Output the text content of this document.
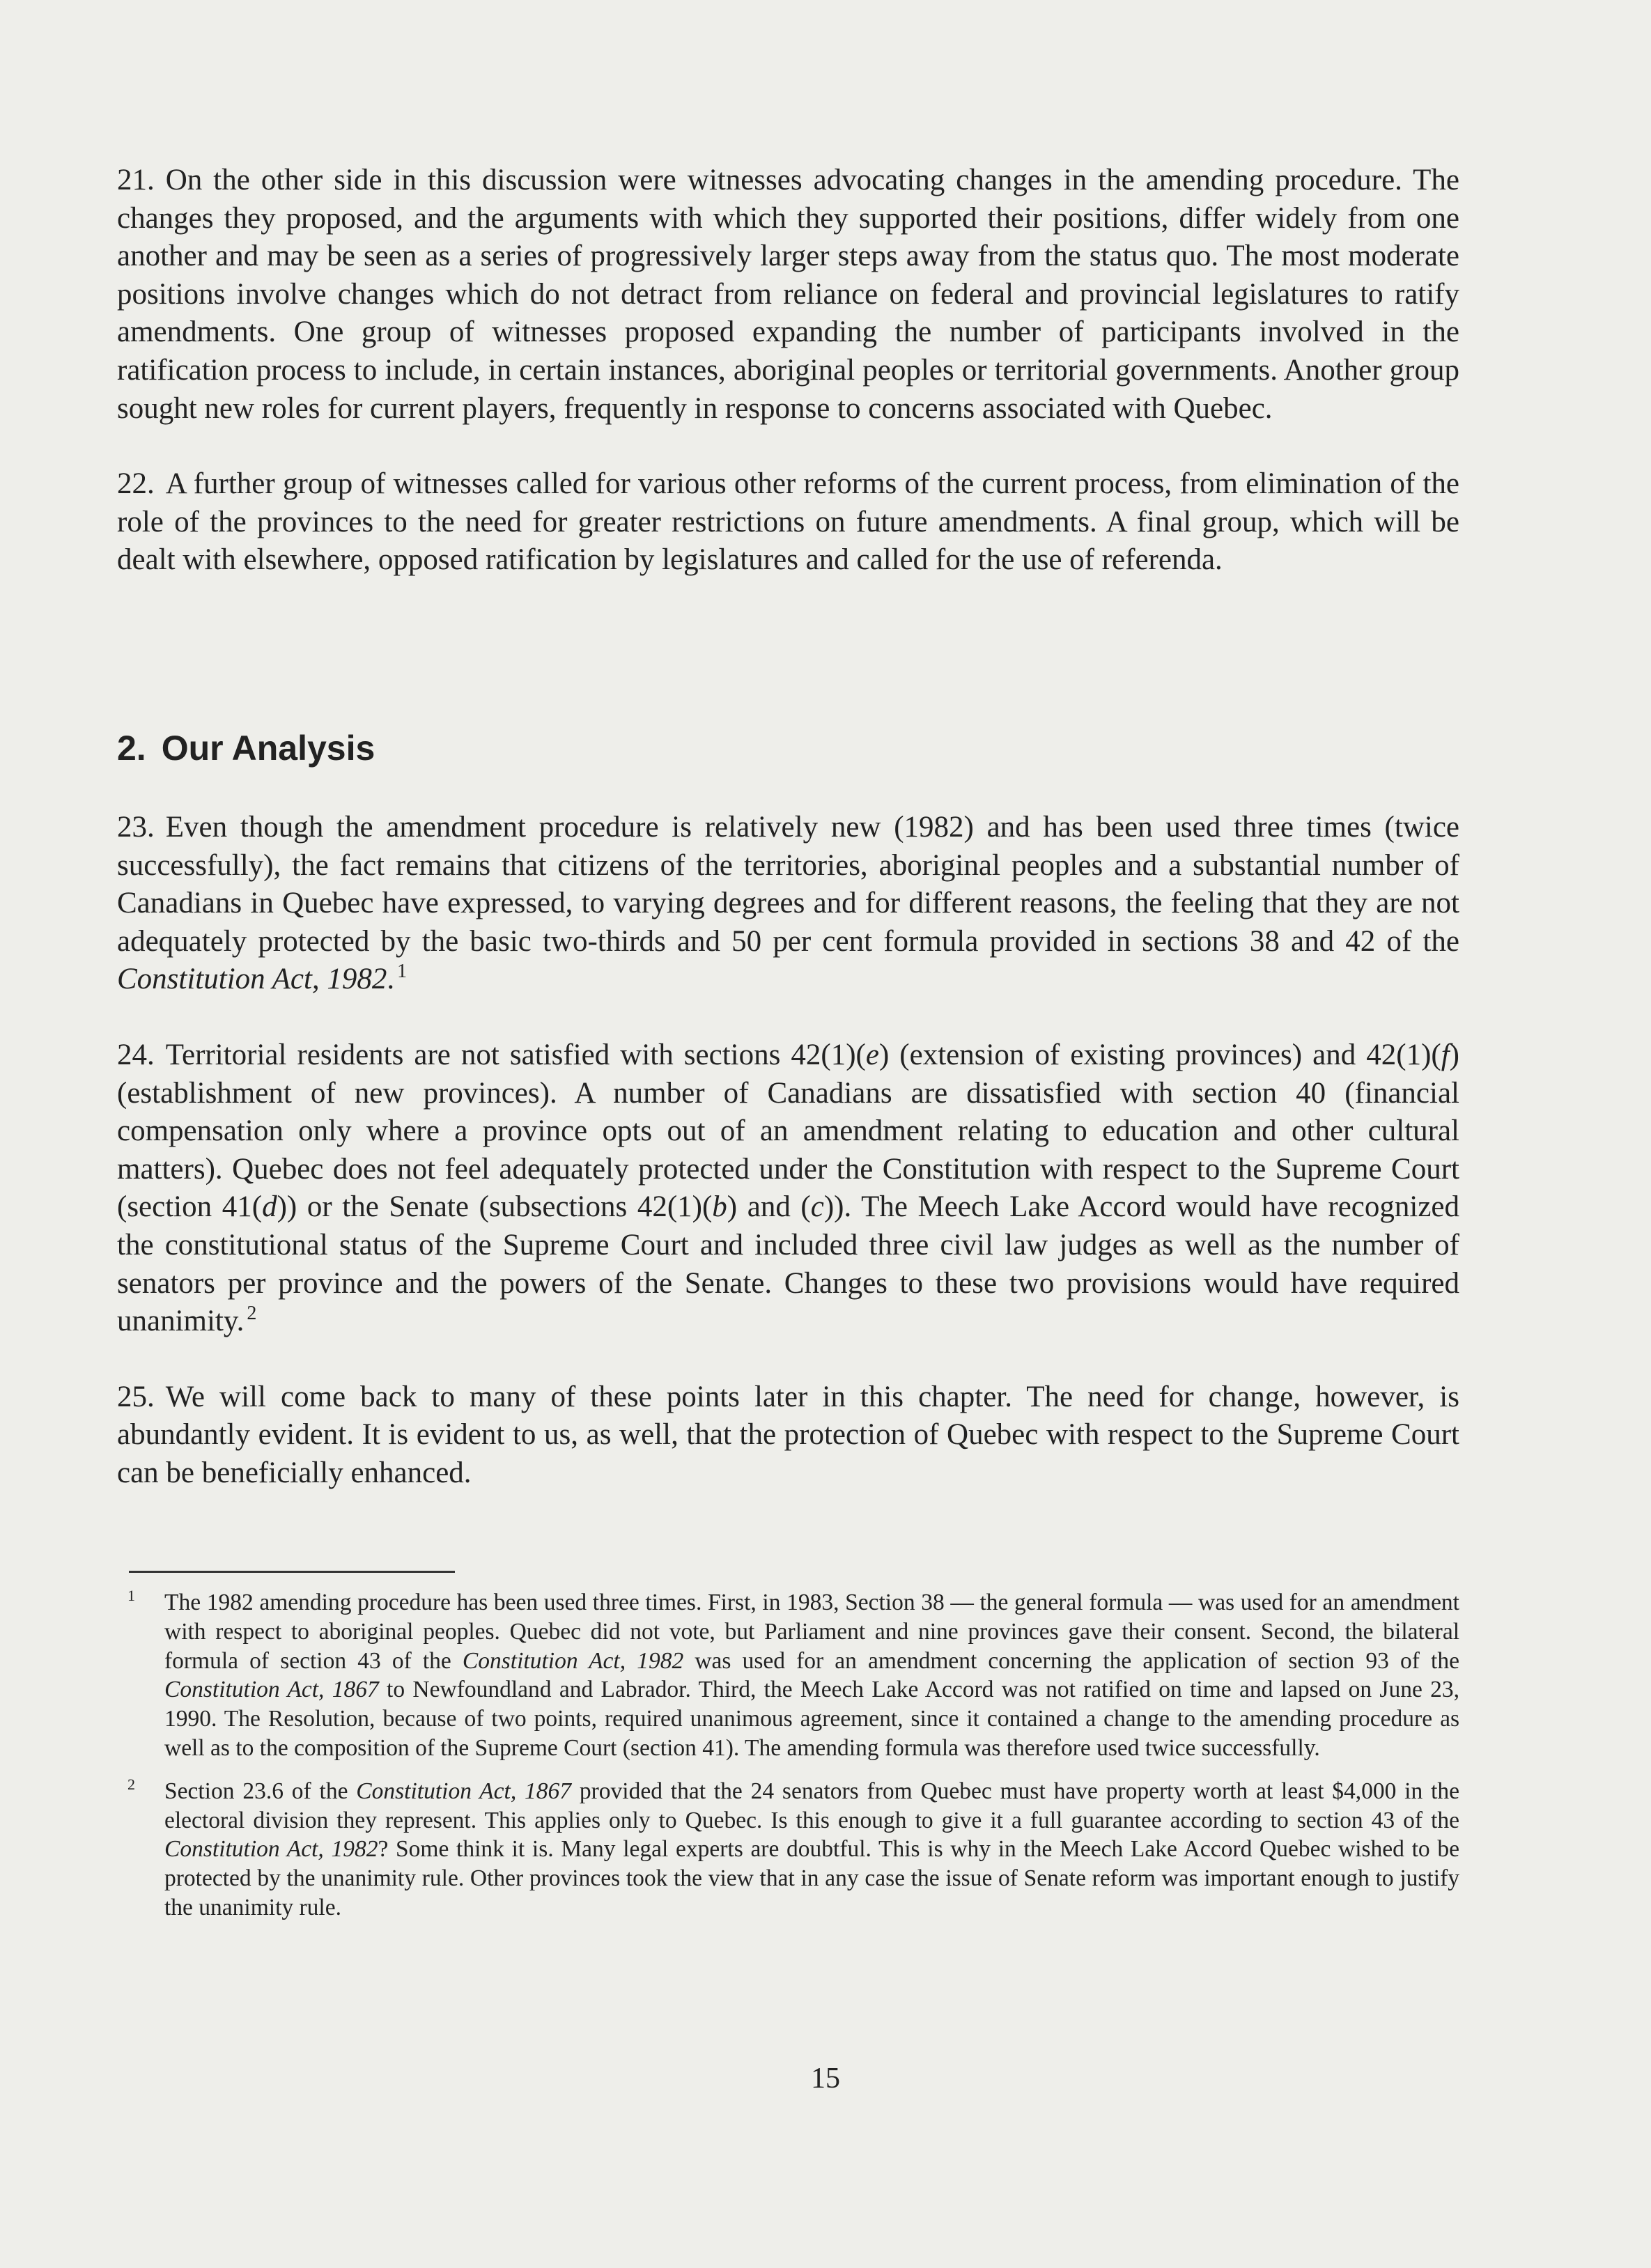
21. On the other side in this discussion were witnesses advocating changes in the amending procedure. The changes they proposed, and the arguments with which they supported their positions, differ widely from one another and may be seen as a series of progressively larger steps away from the status quo. The most moderate positions involve changes which do not detract from reliance on federal and provincial legislatures to ratify amendments. One group of witnesses proposed expanding the number of participants involved in the ratification process to include, in certain instances, aboriginal peoples or territorial governments. Another group sought new roles for current players, frequently in response to concerns associated with Quebec.

22. A further group of witnesses called for various other reforms of the current process, from elimination of the role of the provinces to the need for greater restrictions on future amendments. A final group, which will be dealt with elsewhere, opposed ratification by legislatures and called for the use of referenda.

2. Our Analysis

23. Even though the amendment procedure is relatively new (1982) and has been used three times (twice successfully), the fact remains that citizens of the territories, aboriginal peoples and a substantial number of Canadians in Quebec have expressed, to varying degrees and for different reasons, the feeling that they are not adequately protected by the basic two-thirds and 50 per cent formula provided in sections 38 and 42 of the Constitution Act, 1982. $^1$

24. Territorial residents are not satisfied with sections 42(1)(e) (extension of existing provinces) and 42(1)(f) (establishment of new provinces). A number of Canadians are dissatisfied with section 40 (financial compensation only where a province opts out of an amendment relating to education and other cultural matters). Quebec does not feel adequately protected under the Constitution with respect to the Supreme Court (section 41(d)) or the Senate (subsections 42(1)(b) and (c)). The Meech Lake Accord would have recognized the constitutional status of the Supreme Court and included three civil law judges as well as the number of senators per province and the powers of the Senate. Changes to these two provisions would have required unanimity. $^2$

25. We will come back to many of these points later in this chapter. The need for change, however, is abundantly evident. It is evident to us, as well, that the protection of Quebec with respect to the Supreme Court can be beneficially enhanced.

1 The 1982 amending procedure has been used three times. First, in 1983, Section 38 — the general formula — was used for an amendment with respect to aboriginal peoples. Quebec did not vote, but Parliament and nine provinces gave their consent. Second, the bilateral formula of section 43 of the Constitution Act, 1982 was used for an amendment concerning the application of section 93 of the Constitution Act, 1867 to Newfoundland and Labrador. Third, the Meech Lake Accord was not ratified on time and lapsed on June 23, 1990. The Resolution, because of two points, required unanimous agreement, since it contained a change to the amending procedure as well as to the composition of the Supreme Court (section 41). The amending formula was therefore used twice successfully.

2 Section 23.6 of the Constitution Act, 1867 provided that the 24 senators from Quebec must have property worth at least $4,000 in the electoral division they represent. This applies only to Quebec. Is this enough to give it a full guarantee according to section 43 of the Constitution Act, 1982? Some think it is. Many legal experts are doubtful. This is why in the Meech Lake Accord Quebec wished to be protected by the unanimity rule. Other provinces took the view that in any case the issue of Senate reform was important enough to justify the unanimity rule.

15
